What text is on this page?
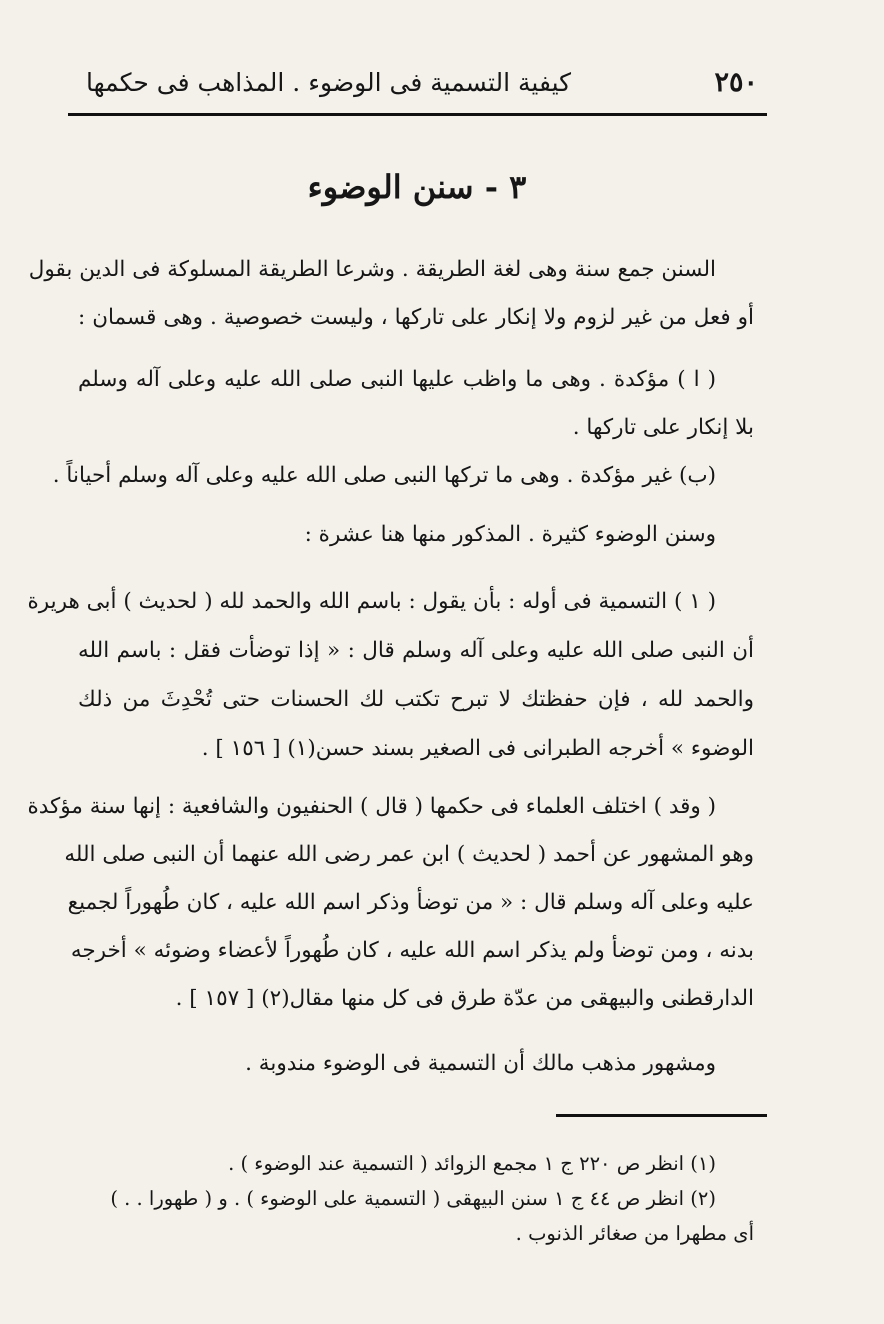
٢٥٠
كيفية التسمية فى الوضوء . المذاهب فى حكمها
٣ - سنن الوضوء
السنن جمع سنة وهى لغة الطريقة . وشرعا الطريقة المسلوكة فى الدين بقول
أو فعل من غير لزوم ولا إنكار على تاركها ، وليست خصوصية . وهى قسمان :
( ا ) مؤكدة . وهى ما واظب عليها النبى صلى الله عليه وعلى آله وسلم
بلا إنكار على تاركها .
(ب) غير مؤكدة . وهى ما تركها النبى صلى الله عليه وعلى آله وسلم أحياناً .
وسنن الوضوء كثيرة . المذكور منها هنا عشرة :
( ١ ) التسمية فى أوله : بأن يقول : باسم الله والحمد لله ( لحديث ) أبى هريرة
أن النبى صلى الله عليه وعلى آله وسلم قال : « إذا توضأت فقل : باسم الله
والحمد لله ، فإن حفظتك لا تبرح تكتب لك الحسنات حتى تُحْدِثَ من ذلك
الوضوء » أخرجه الطبرانى فى الصغير بسند حسن(١) [ ١٥٦ ] .
( وقد ) اختلف العلماء فى حكمها ( قال ) الحنفيون والشافعية : إنها سنة مؤكدة
وهو المشهور عن أحمد ( لحديث ) ابن عمر رضى الله عنهما أن النبى صلى الله
عليه وعلى آله وسلم قال : « من توضأ وذكر اسم الله عليه ، كان طُهوراً لجميع
بدنه ، ومن توضأ ولم يذكر اسم الله عليه ، كان طُهوراً لأعضاء وضوئه » أخرجه
الدارقطنى والبيهقى من عدّة طرق فى كل منها مقال(٢) [ ١٥٧ ] .
ومشهور مذهب مالك أن التسمية فى الوضوء مندوبة .
(١) انظر ص ٢٢٠ ج ١ مجمع الزوائد ( التسمية عند الوضوء ) .
(٢) انظر ص ٤٤ ج ١ سنن البيهقى ( التسمية على الوضوء ) . و ( طهورا . . )
أى مطهرا من صغائر الذنوب .
